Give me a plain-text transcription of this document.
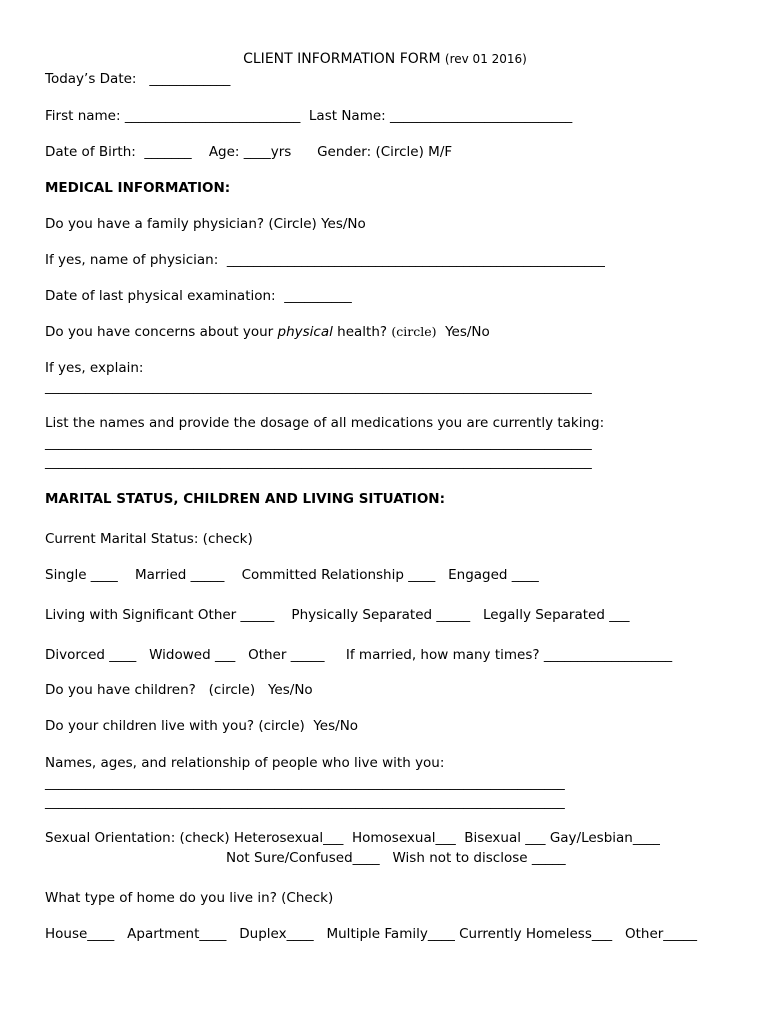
CLIENT INFORMATION FORM (rev 01 2016)
Today’s Date:   ____________
First name: __________________________  Last Name: ___________________________
Date of Birth:  _______    Age: ____yrs      Gender: (Circle) M/F
MEDICAL INFORMATION:
Do you have a family physician? (Circle) Yes/No
If yes, name of physician:  ________________________________________________________
Date of last physical examination:  __________
Do you have concerns about your physical health? (circle)  Yes/No
If yes, explain:
_________________________________________________________________________________
List the names and provide the dosage of all medications you are currently taking:
_________________________________________________________________________________
_________________________________________________________________________________
MARITAL STATUS, CHILDREN AND LIVING SITUATION:
Current Marital Status: (check)
Single ____    Married _____    Committed Relationship ____   Engaged ____
Living with Significant Other _____    Physically Separated _____   Legally Separated ___
Divorced ____   Widowed ___   Other _____     If married, how many times? ___________________
Do you have children?   (circle)   Yes/No
Do your children live with you? (circle)  Yes/No
Names, ages, and relationship of people who live with you:
_____________________________________________________________________________
_____________________________________________________________________________
Sexual Orientation: (check) Heterosexual___  Homosexual___  Bisexual ___ Gay/Lesbian____
Not Sure/Confused____   Wish not to disclose _____
What type of home do you live in? (Check)
House____   Apartment____   Duplex____   Multiple Family____ Currently Homeless___   Other_____
